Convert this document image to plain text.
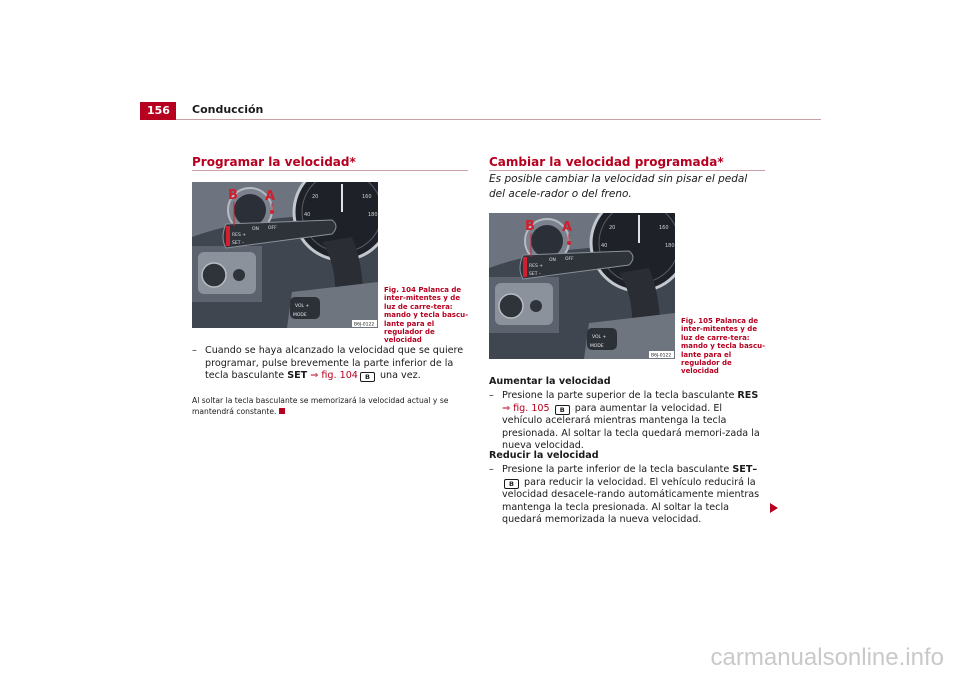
156	Conducción
Programar la velocidad*
20	160
40	180
VOL +
MODE
ON OFF
RES +
SET –
B A
B6J-0122
Fig. 104 Palanca de inter-mitentes y de luz de carre-tera: mando y tecla bascu-lante para el regulador de velocidad
– Cuando se haya alcanzado la velocidad que se quiere programar, pulse brevemente la parte inferior de la tecla basculante SET ⇒ fig. 104 B una vez.
Al soltar la tecla basculante se memorizará la velocidad actual y se mantendrá constante.
Cambiar la velocidad programada*
Es posible cambiar la velocidad sin pisar el pedal del acele-rador o del freno.
20	160
40	180
VOL +
MODE
ON OFF
RES +
SET –
B A
B6J-0122
Fig. 105 Palanca de inter-mitentes y de luz de carre-tera: mando y tecla bascu-lante para el regulador de velocidad
Aumentar la velocidad
– Presione la parte superior de la tecla basculante RES ⇒ fig. 105 B para aumentar la velocidad. El vehículo acelerará mientras mantenga la tecla presionada. Al soltar la tecla quedará memori-zada la nueva velocidad.
Reducir la velocidad
– Presione la parte inferior de la tecla basculante SET–B para reducir la velocidad. El vehículo reducirá la velocidad desacele-rando automáticamente mientras mantenga la tecla presionada. Al soltar la tecla quedará memorizada la nueva velocidad.
carmanualsonline.info
